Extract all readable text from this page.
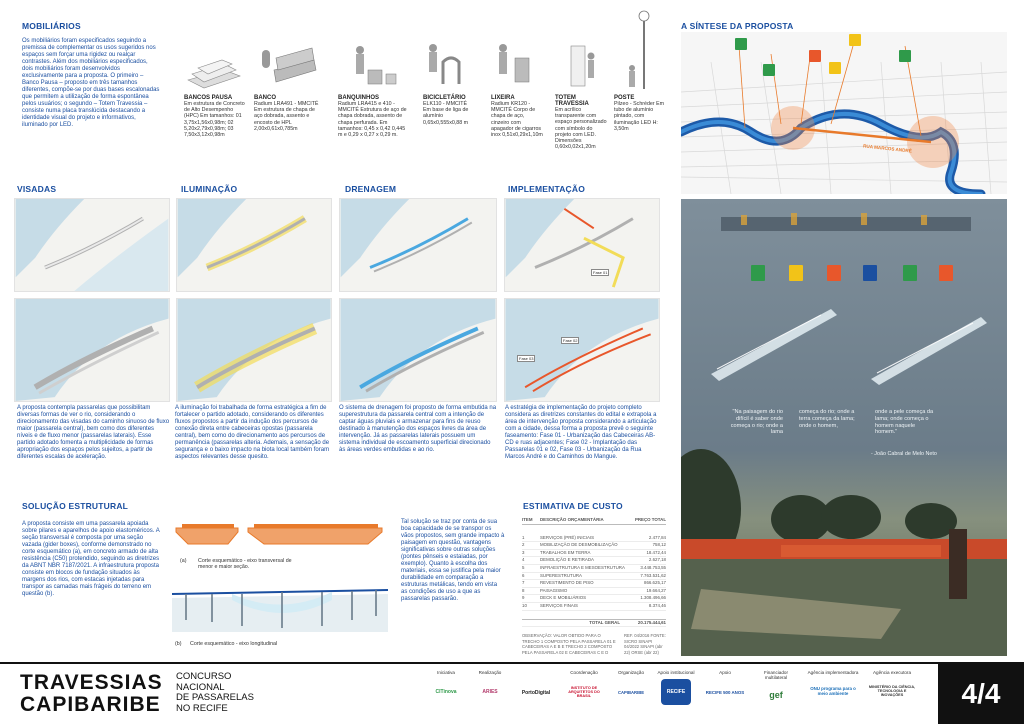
MOBILIÁRIOS
Os mobiliários foram especificados seguindo a premissa de complementar os usos sugeridos nos espaços sem forçar uma rigidez ou realçar contrastes. Além dos mobiliários especificados, dois mobiliários foram desenvolvidos exclusivamente para a proposta. O primeiro – Banco Pausa – proposto em três tamanhos diferentes, compõe-se por duas bases escalonadas que permitem a utilização de forma espontânea pelos usuários; o segundo – Totem Travessia – consiste numa placa translúcida destacando a identidade visual do projeto e informativos, iluminado por LED.
BANCOS PAUSA
Em estrutura de Concreto de Alto Desempenho (HPC) Em tamanhos: 01 3,75x1,56x0,98m; 02 5,20x2,79x0,98m; 03 7,50x3,12x0,98m
BANCO
Radium LRA491 - MMCITÉ Em estrutura de chapa de aço dobrada, assento e encosto de HPL 2,00x0,61x0,785m
BANQUINHOS
Radium LRA415 e 410 - MMCITÉ Estrutura de aço de chapa dobrada, assento de chapa perfurada. Em tamanhos: 0,45 x 0,42 0,445 m e 0,29 x 0,27 x 0,29 m.
BICICLETÁRIO
ELK110 - MMCITÉ Em base de liga de alumínio 0,65x0,555x0,88 m
LIXEIRA
Radium KR120 - MMCITÉ Corpo de chapa de aço, cinzeiro com apagador de cigarros inox 0,51x0,29x1,10m
TOTEM TRAVESSIA
Em acrílico transparente com espaço personalizado com símbolo do projeto com LED. Dimensões 0,60x0,02x1,20m
POSTE
Pilzeo - Schréder Em tubo de alumínio pintado, com iluminação LED H: 3,50m
A SÍNTESE DA PROPOSTA
RUA MARCOS ANDRÉ
VISADAS	ILUMINAÇÃO	DRENAGEM	IMPLEMENTAÇÃO
Fase 01
Fase 03
Fase 02
A proposta contempla passarelas que possibilitam diversas formas de ver o rio, considerando o direcionamento das visadas do caminho sinuoso de fluxo maior (passarela central), bem como dos diferentes níveis e de fluxo menor (passarelas laterais). Esse partido adotado fomenta a multiplicidade de formas apropriação dos espaços pelos sujeitos, a partir de diferentes escalas de aceleração.
A iluminação foi trabalhada de forma estratégica a fim de fortalecer o partido adotado, considerando os diferentes fluxos propostos a partir da indução dos percursos de conexão direta entre cabeceiras opostas (passarela central), bem como do direcionamento aos percursos de permanência (passarelas alteria. Ademais, a sensação de segurança e o baixo impacto na biota local também foram aspectos relevantes desse quesito.
O sistema de drenagem foi proposto de forma embutida na superestrutura da passarela central com a intenção de captar águas pluviais e armazenar para fins de reuso destinado à manutenção dos espaços livres da área de intervenção. Já as passarelas laterais possuem um sistema individual de escoamento superficial direcionado às áreas verdes embutidas e ao rio.
A estratégia de implementação do projeto completo considera as diretrizes constantes do edital e extrapola a área de intervenção proposta considerando a articulação com a cidade, dessa forma a proposta prevê o seguinte faseamento: Fase 01 - Urbanização das Cabeceiras AB-CD e ruas adjacentes; Fase 02 - Implantação das Passarelas 01 e 02, Fase 03 - Urbanização da Rua Marcos André e do Caminhos do Mangue.
"Na paisagem do rio difícil é saber onde começa o rio; onde a lama
começa do rio; onde a terra começa da lama; onde o homem,
onde a pele começa da lama; onde começa o homem naquele homem."
- João Cabral de Melo Neto
SOLUÇÃO ESTRUTURAL
A proposta consiste em uma passarela apoiada sobre pilares e aparelhos de apoio elastoméricos. A seção transversal é composta por uma seção vazada (gider boxes), conforme demonstrado no corte esquemático (a), em concreto armado de alta resistência (C50) protendido, seguindo as diretrizes da ABNT NBR 7187/2021. A infraestrutura proposta consiste em blocos de fundação situados às margens dos rios, com estacas injetadas para transpor as camadas mais frágeis do terreno em questão (b).
(a) Corte esquemático - eixo transversal de menor e maior seção.
(b) Corte esquemático - eixo longitudinal
Tal solução se traz por conta de sua boa capacidade de se transpor os vãos propostos, sem grande impacto à paisagem em questão, vantagens significativas sobre outras soluções (pontes pênseis e estaiadas, por exemplo). Quanto à escolha dos materiais, essa se justifica pela maior durabilidade em comparação a estruturas metálicas, tendo em vista as condições de uso a que as passarelas passarão.
ESTIMATIVA DE CUSTO
ITEM	DESCRIÇÃO ORÇAMENTÁRIA	PREÇO TOTAL
1	SERVIÇOS (PRÉ) INICIAIS	2.477,84
2	MOBILIZAÇÃO DE DESMOBILIZAÇÃO	758,12
3	TRABALHOS EM TERRA	18.472,44
4	DEMOLIÇÃO E RETIRADA	2.627,18
5	INFRAESTRUTURA E MESOESTRUTURA	3.448.753,55
6	SUPERESTRUTURA	7.763.531,62
7	REVESTIMENTO DE PISO	866.625,17
8	PAISAGISMO	19.664,27
9	DECK E MOBILIÁRIOS	1.308.496,66
10	SERVIÇOS FINAIS	8.374,46
TOTAL GERAL	20.175.444,61
OBSERVAÇÃO: VALOR OBTIDO PARA O TRECHO 1 COMPOSTO PELA PASSARELA 01 E CABECEIRAS A E B E TRECHO 2 COMPOSTO PELA PASSARELA 02 E CABECEIRAS C E D
REF. 04/2016 FONTE: SICRO SINAPI 04/2022 SINAPI (abr 22) ORSE (abr 22)
TRAVESSIAS
CAPIBARIBE
CONCURSO
NACIONAL
DE PASSARELAS
NO RECIFE
Iniciativa
CITinova
Realização
ARIES	PortoDigital
Coordenação
INSTITUTO DE ARQUITETOS DO BRASIL
Organização
CAPIBARIBE
Apoio institucional
RECIFE
Apoio
RECIFE 500 ANOS
Financiador multilateral
gef
Agência implementadora
ONU programa para o meio ambiente
Agência executora
MINISTÉRIO DA CIÊNCIA, TECNOLOGIA E INOVAÇÕES	4/4
